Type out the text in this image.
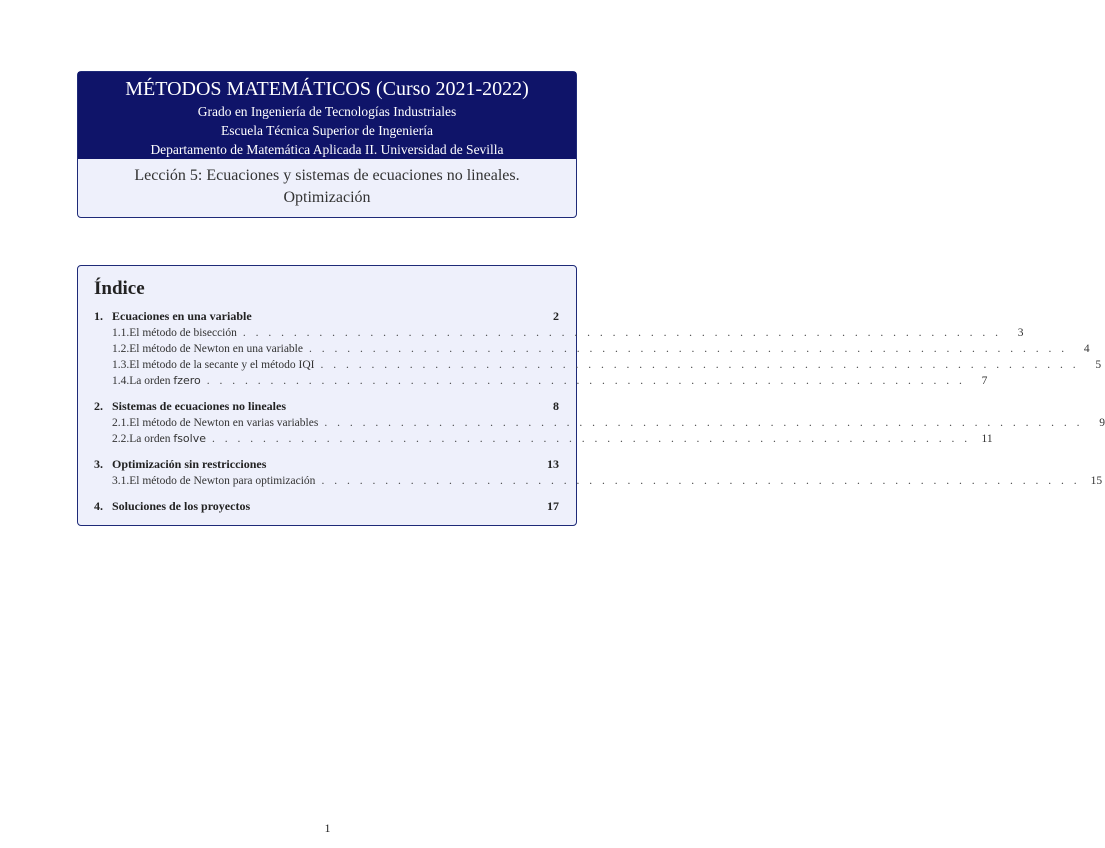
MÉTODOS MATEMÁTICOS (Curso 2021-2022)
Grado en Ingeniería de Tecnologías Industriales
Escuela Técnica Superior de Ingeniería
Departamento de Matemática Aplicada II. Universidad de Sevilla
Lección 5: Ecuaciones y sistemas de ecuaciones no lineales.
Optimización
Índice
1. Ecuaciones en una variable	2
1.1. El método de bisección . . . . . . . . . . . . . . . . . . . . . . . . . . . . . . . . . . . . . . . . . . . . . . . . . . . . . . . . . . . .	3
1.2. El método de Newton en una variable . . . . . . . . . . . . . . . . . . . . . . . . . . . . . . . . . . . . . . . . . . . . . . . . . . . . . . . . . . . .	4
1.3. El método de la secante y el método IQI . . . . . . . . . . . . . . . . . . . . . . . . . . . . . . . . . . . . . . . . . . . . . . . . . . . . . . . . . . . .	5
1.4. La orden fzero . . . . . . . . . . . . . . . . . . . . . . . . . . . . . . . . . . . . . . . . . . . . . . . . . . . . . . . . . . . .	7
2. Sistemas de ecuaciones no lineales	8
2.1. El método de Newton en varias variables . . . . . . . . . . . . . . . . . . . . . . . . . . . . . . . . . . . . . . . . . . . . . . . . . . . . . . . . . . . .	9
2.2. La orden fsolve . . . . . . . . . . . . . . . . . . . . . . . . . . . . . . . . . . . . . . . . . . . . . . . . . . . . . . . . . . . . 11
3. Optimización sin restricciones	13
3.1. El método de Newton para optimización . . . . . . . . . . . . . . . . . . . . . . . . . . . . . . . . . . . . . . . . . . . . . . . . . . . . . . . . . . . . 15
4. Soluciones de los proyectos	17
1
